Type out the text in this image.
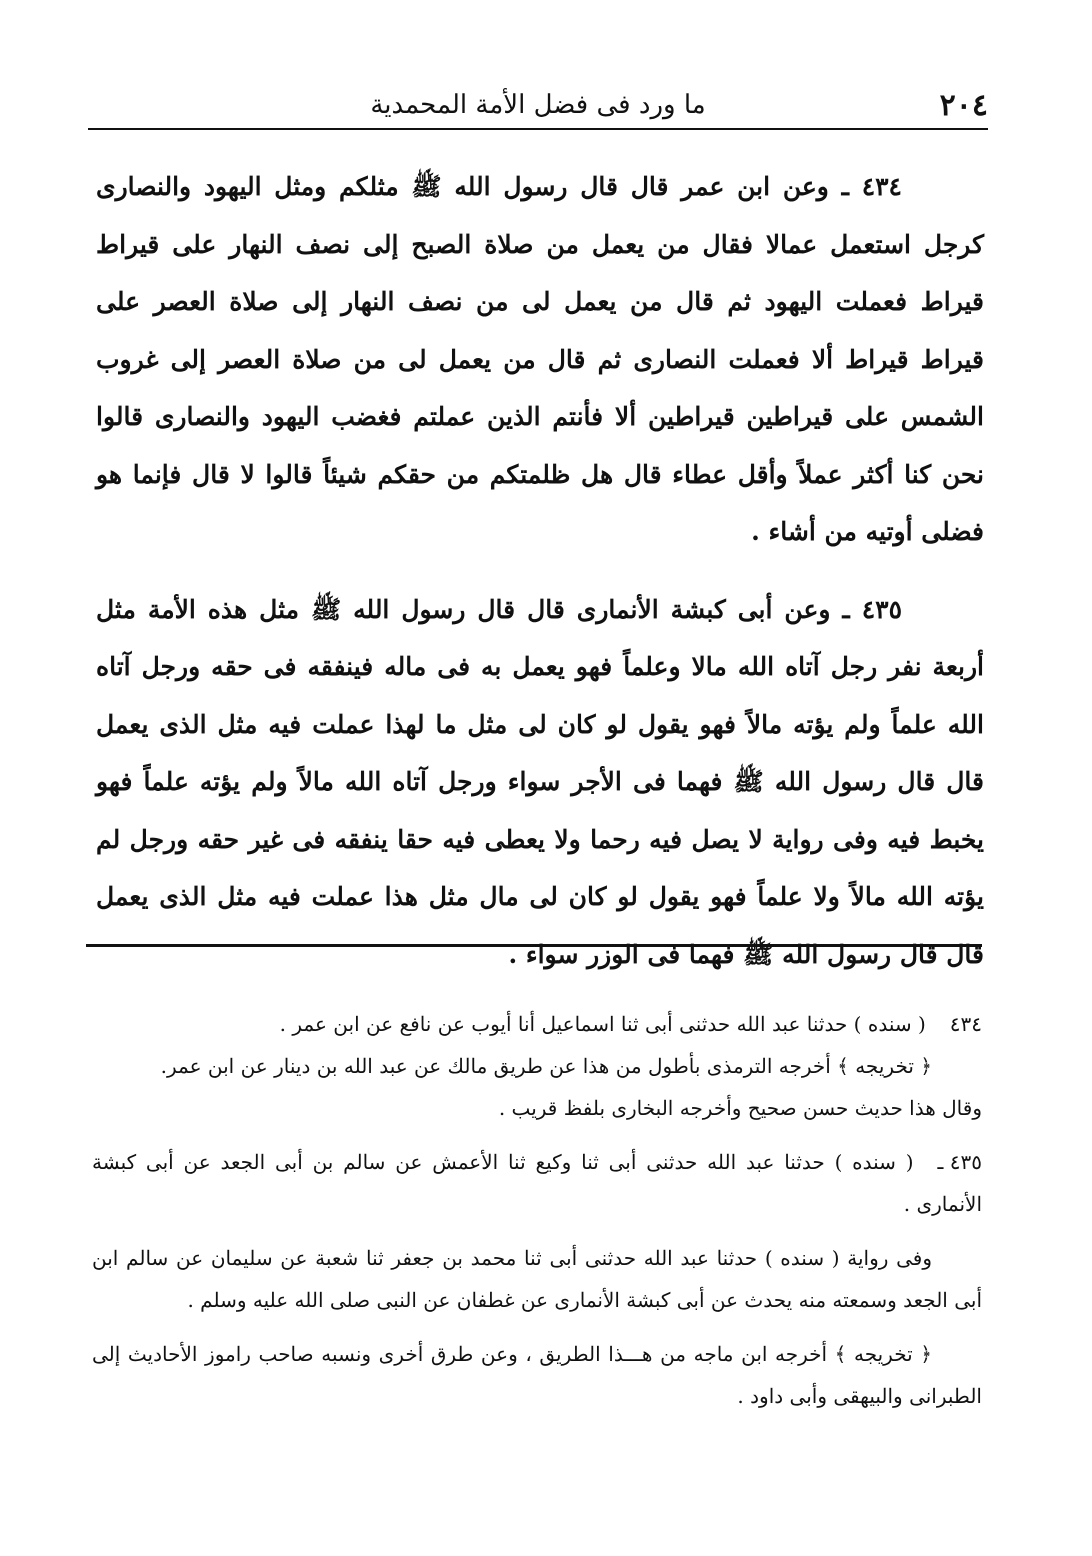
٢٠٤
ما ورد فى فضل الأمة المحمدية

٤٣٤ ـ وعن ابن عمر قال قال رسول الله ﷺ مثلكم ومثل اليهود والنصارى كرجل استعمل عمالا فقال من يعمل من صلاة الصبح إلى نصف النهار على قيراط قيراط فعملت اليهود ثم قال من يعمل لى من نصف النهار إلى صلاة العصر على قيراط قيراط ألا فعملت النصارى ثم قال من يعمل لى من صلاة العصر إلى غروب الشمس على قيراطين قيراطين ألا فأنتم الذين عملتم فغضب اليهود والنصارى قالوا نحن كنا أكثر عملاً وأقل عطاء قال هل ظلمتكم من حقكم شيئاً قالوا لا قال فإنما هو فضلى أوتيه من أشاء .

٤٣٥ ـ وعن أبى كبشة الأنمارى قال قال رسول الله ﷺ مثل هذه الأمة مثل أربعة نفر رجل آتاه الله مالا وعلماً فهو يعمل به فى ماله فينفقه فى حقه ورجل آتاه الله علماً ولم يؤته مالاً فهو يقول لو كان لى مثل ما لهذا عملت فيه مثل الذى يعمل قال قال رسول الله ﷺ فهما فى الأجر سواء ورجل آتاه الله مالاً ولم يؤته علماً فهو يخبط فيه وفى رواية لا يصل فيه رحما ولا يعطى فيه حقا ينفقه فى غير حقه ورجل لم يؤته الله مالاً ولا علماً فهو يقول لو كان لى مال مثل هذا عملت فيه مثل الذى يعمل قال قال رسول الله ﷺ فهما فى الوزر سواء .

٤٣٤( سنده ) حدثنا عبد الله حدثنى أبى ثنا اسماعيل أنا أيوب عن نافع عن ابن عمر .

﴿ تخريجه ﴾ أخرجه الترمذى بأطول من هذا عن طريق مالك عن عبد الله بن دينار عن ابن عمر.

وقال هذا حديث حسن صحيح وأخرجه البخارى بلفظ قريب .

٤٣٥ ـ( سنده ) حدثنا عبد الله حدثنى أبى ثنا وكيع ثنا الأعمش عن سالم بن أبى الجعد عن أبى كبشة الأنمارى .

وفى رواية ( سنده ) حدثنا عبد الله حدثنى أبى ثنا محمد بن جعفر ثنا شعبة عن سليمان عن سالم ابن أبى الجعد وسمعته منه يحدث عن أبى كبشة الأنمارى عن غطفان عن النبى صلى الله عليه وسلم .

﴿ تخريجه ﴾ أخرجه ابن ماجه من هـــذا الطريق ، وعن طرق أخرى ونسبه صاحب راموز الأحاديث إلى الطبرانى والبيهقى وأبى داود .
